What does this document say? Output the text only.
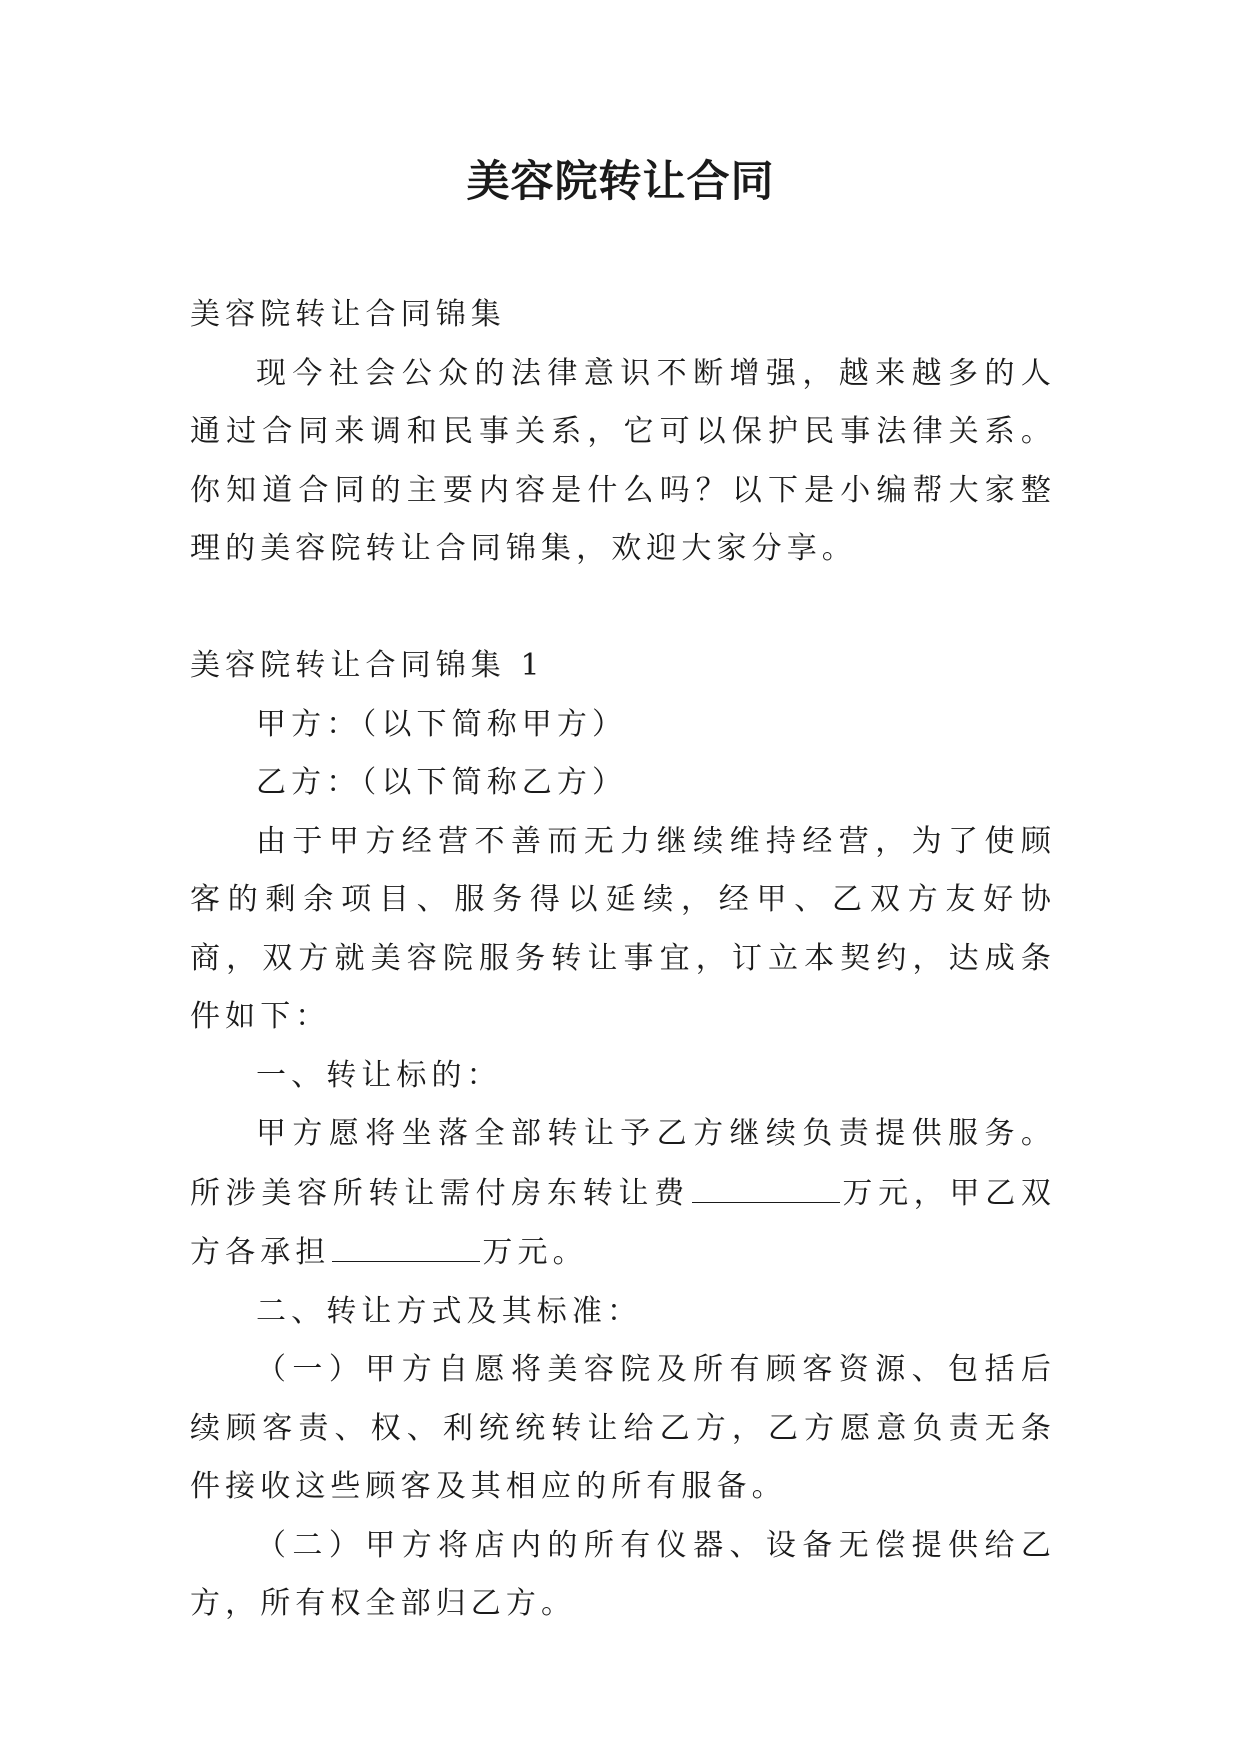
美容院转让合同

美容院转让合同锦集

现今社会公众的法律意识不断增强，越来越多的人通过合同来调和民事关系，它可以保护民事法律关系。你知道合同的主要内容是什么吗？以下是小编帮大家整理的美容院转让合同锦集，欢迎大家分享。

美容院转让合同锦集 1

甲方：（以下简称甲方）

乙方：（以下简称乙方）

由于甲方经营不善而无力继续维持经营，为了使顾客的剩余项目、服务得以延续，经甲、乙双方友好协商，双方就美容院服务转让事宜，订立本契约，达成条件如下：

一、转让标的：

甲方愿将坐落全部转让予乙方继续负责提供服务。所涉美容所转让需付房东转让费	万元，甲乙双方各承担	万元。

二、转让方式及其标准：

（一）甲方自愿将美容院及所有顾客资源、包括后续顾客责、权、利统统转让给乙方，乙方愿意负责无条件接收这些顾客及其相应的所有服备。

（二）甲方将店内的所有仪器、设备无偿提供给乙方，所有权全部归乙方。
